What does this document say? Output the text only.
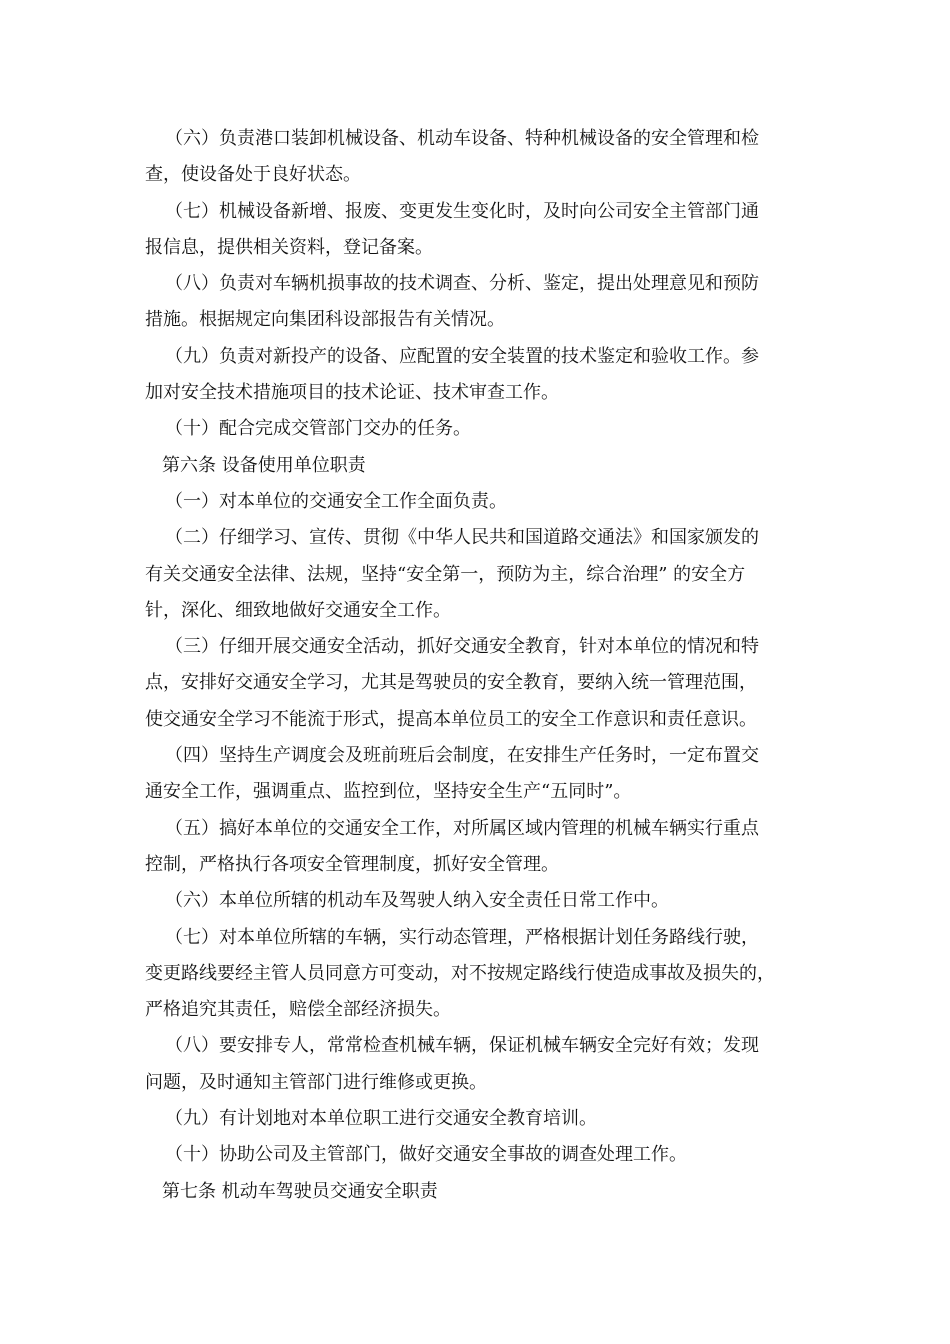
（六）负责港口装卸机械设备、机动车设备、特种机械设备的安全管理和检
查，使设备处于良好状态。
（七）机械设备新增、报废、变更发生变化时，及时向公司安全主管部门通
报信息，提供相关资料，登记备案。
（八）负责对车辆机损事故的技术调查、分析、鉴定，提出处理意见和预防
措施。根据规定向集团科设部报告有关情况。
（九）负责对新投产的设备、应配置的安全装置的技术鉴定和验收工作。参
加对安全技术措施项目的技术论证、技术审查工作。
（十）配合完成交管部门交办的任务。
第六条 设备使用单位职责
（一）对本单位的交通安全工作全面负责。
（二）仔细学习、宣传、贯彻《中华人民共和国道路交通法》和国家颁发的
有关交通安全法律、法规，坚持“安全第一，预防为主，综合治理” 的安全方
针，深化、细致地做好交通安全工作。
（三）仔细开展交通安全活动，抓好交通安全教育，针对本单位的情况和特
点，安排好交通安全学习，尤其是驾驶员的安全教育，要纳入统一管理范围，
使交通安全学习不能流于形式，提高本单位员工的安全工作意识和责任意识。
（四）坚持生产调度会及班前班后会制度，在安排生产任务时，一定布置交
通安全工作，强调重点、监控到位，坚持安全生产“五同时”。
（五）搞好本单位的交通安全工作，对所属区域内管理的机械车辆实行重点
控制，严格执行各项安全管理制度，抓好安全管理。
（六）本单位所辖的机动车及驾驶人纳入安全责任日常工作中。
（七）对本单位所辖的车辆，实行动态管理，严格根据计划任务路线行驶，
变更路线要经主管人员同意方可变动，对不按规定路线行使造成事故及损失的，
严格追究其责任，赔偿全部经济损失。
（八）要安排专人，常常检查机械车辆，保证机械车辆安全完好有效；发现
问题，及时通知主管部门进行维修或更换。
（九）有计划地对本单位职工进行交通安全教育培训。
（十）协助公司及主管部门，做好交通安全事故的调查处理工作。
第七条 机动车驾驶员交通安全职责
